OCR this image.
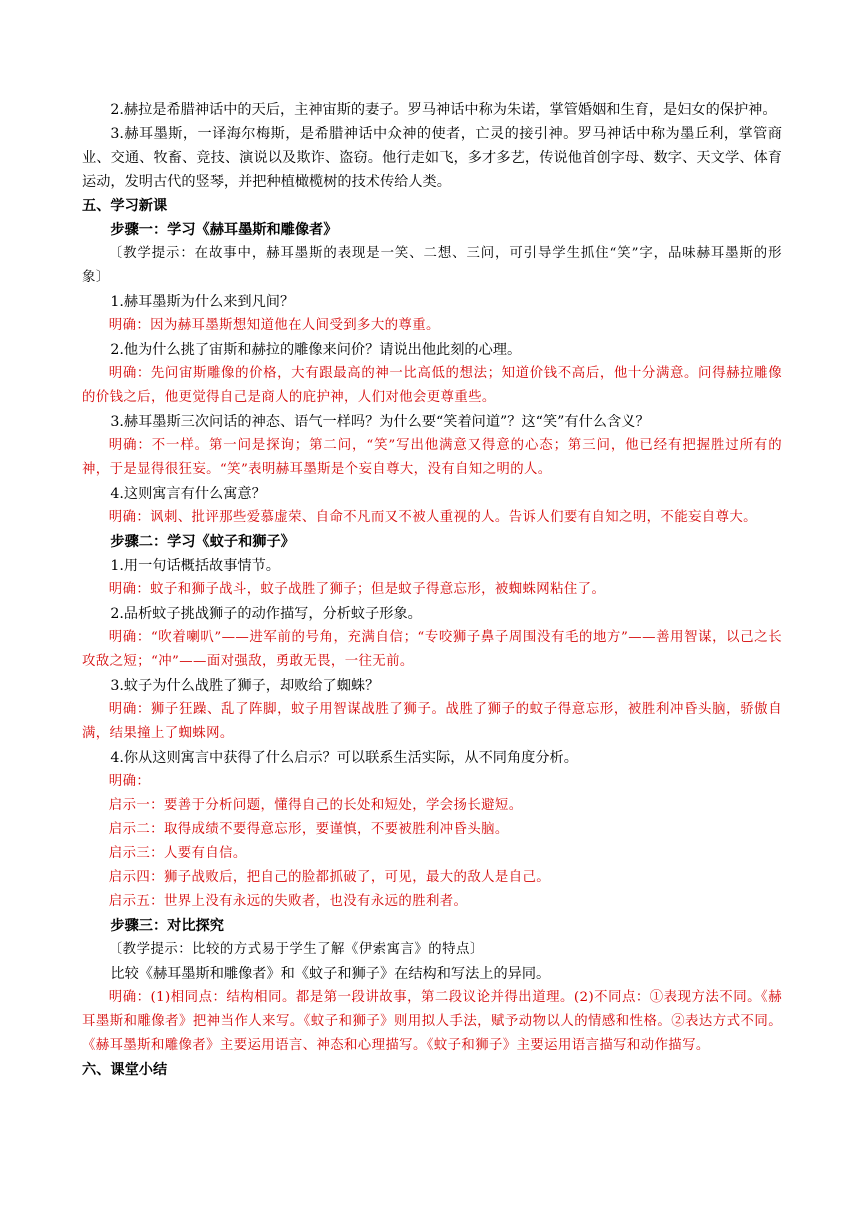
2.赫拉是希腊神话中的天后，主神宙斯的妻子。罗马神话中称为朱诺，掌管婚姻和生育，是妇女的保护神。

3.赫耳墨斯，一译海尔梅斯，是希腊神话中众神的使者，亡灵的接引神。罗马神话中称为墨丘利，掌管商业、交通、牧畜、竞技、演说以及欺诈、盗窃。他行走如飞，多才多艺，传说他首创字母、数字、天文学、体育运动，发明古代的竖琴，并把种植橄榄树的技术传给人类。

五、学习新课

步骤一：学习《赫耳墨斯和雕像者》

〔教学提示：在故事中，赫耳墨斯的表现是一笑、二想、三问，可引导学生抓住“笑”字，品味赫耳墨斯的形象〕

1.赫耳墨斯为什么来到凡间？

明确：因为赫耳墨斯想知道他在人间受到多大的尊重。

2.他为什么挑了宙斯和赫拉的雕像来问价？请说出他此刻的心理。

明确：先问宙斯雕像的价格，大有跟最高的神一比高低的想法；知道价钱不高后，他十分满意。问得赫拉雕像的价钱之后，他更觉得自己是商人的庇护神，人们对他会更尊重些。

3.赫耳墨斯三次问话的神态、语气一样吗？为什么要“笑着问道”？这“笑”有什么含义？

明确：不一样。第一问是探询；第二问，“笑”写出他满意又得意的心态；第三问，他已经有把握胜过所有的神，于是显得很狂妄。“笑”表明赫耳墨斯是个妄自尊大，没有自知之明的人。

4.这则寓言有什么寓意？

明确：讽刺、批评那些爱慕虚荣、自命不凡而又不被人重视的人。告诉人们要有自知之明，不能妄自尊大。

步骤二：学习《蚊子和狮子》

1.用一句话概括故事情节。

明确：蚊子和狮子战斗，蚊子战胜了狮子；但是蚊子得意忘形，被蜘蛛网粘住了。

2.品析蚊子挑战狮子的动作描写，分析蚊子形象。

明确：“吹着喇叭”——进军前的号角，充满自信；“专咬狮子鼻子周围没有毛的地方”——善用智谋，以己之长攻敌之短；“冲”——面对强敌，勇敢无畏，一往无前。

3.蚊子为什么战胜了狮子，却败给了蜘蛛？

明确：狮子狂躁、乱了阵脚，蚊子用智谋战胜了狮子。战胜了狮子的蚊子得意忘形，被胜利冲昏头脑，骄傲自满，结果撞上了蜘蛛网。

4.你从这则寓言中获得了什么启示？可以联系生活实际，从不同角度分析。

明确：

启示一：要善于分析问题，懂得自己的长处和短处，学会扬长避短。

启示二：取得成绩不要得意忘形，要谨慎，不要被胜利冲昏头脑。

启示三：人要有自信。

启示四：狮子战败后，把自己的脸都抓破了，可见，最大的敌人是自己。

启示五：世界上没有永远的失败者，也没有永远的胜利者。

步骤三：对比探究

〔教学提示：比较的方式易于学生了解《伊索寓言》的特点〕

比较《赫耳墨斯和雕像者》和《蚊子和狮子》在结构和写法上的异同。

明确：(1)相同点：结构相同。都是第一段讲故事，第二段议论并得出道理。(2)不同点：①表现方法不同。《赫耳墨斯和雕像者》把神当作人来写。《蚊子和狮子》则用拟人手法，赋予动物以人的情感和性格。②表达方式不同。《赫耳墨斯和雕像者》主要运用语言、神态和心理描写。《蚊子和狮子》主要运用语言描写和动作描写。

六、课堂小结
